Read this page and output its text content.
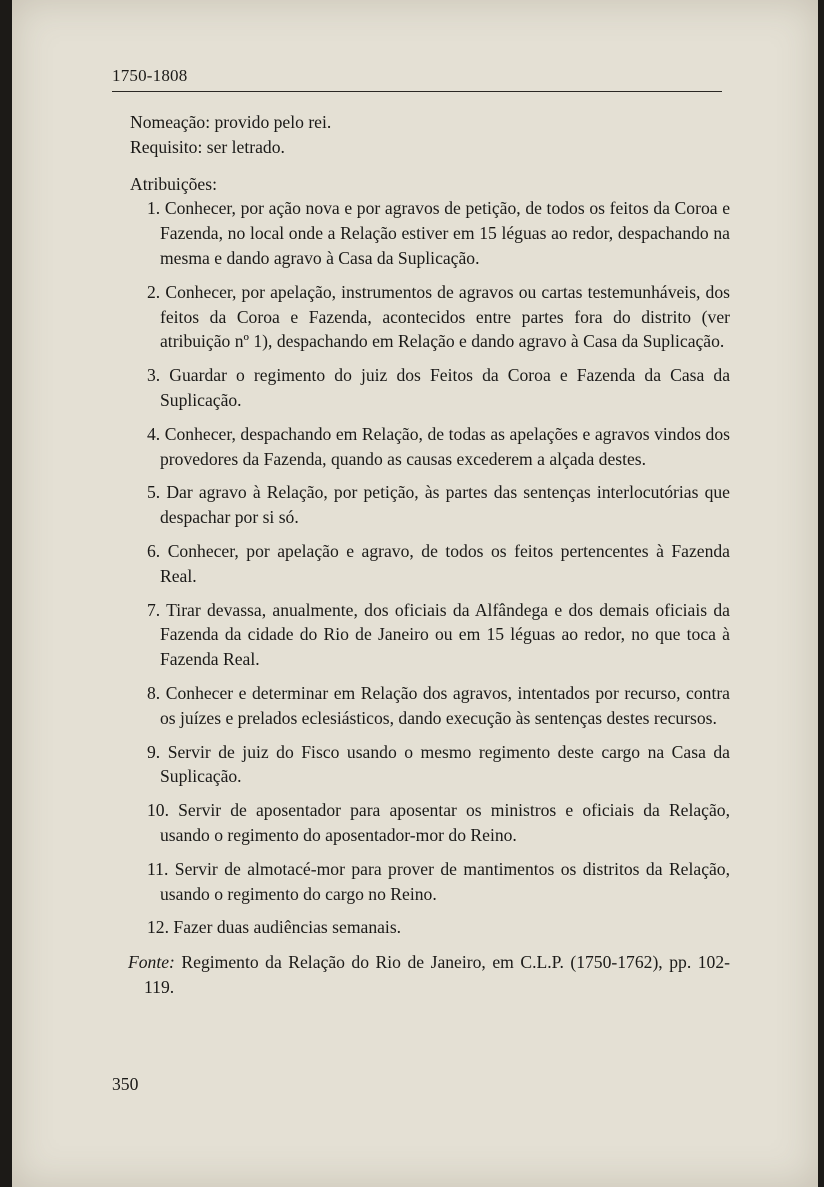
1750-1808

Nomeação: provido pelo rei.

Requisito: ser letrado.

Atribuições:

1. Conhecer, por ação nova e por agravos de petição, de todos os feitos da Coroa e Fazenda, no local onde a Relação estiver em 15 léguas ao redor, despachando na mesma e dando agravo à Casa da Suplicação.

2. Conhecer, por apelação, instrumentos de agravos ou cartas testemunháveis, dos feitos da Coroa e Fazenda, acontecidos entre partes fora do distrito (ver atribuição nº 1), despachando em Relação e dando agravo à Casa da Suplicação.

3. Guardar o regimento do juiz dos Feitos da Coroa e Fazenda da Casa da Suplicação.

4. Conhecer, despachando em Relação, de todas as apelações e agravos vindos dos provedores da Fazenda, quando as causas excederem a alçada destes.

5. Dar agravo à Relação, por petição, às partes das sentenças interlocutórias que despachar por si só.

6. Conhecer, por apelação e agravo, de todos os feitos pertencentes à Fazenda Real.

7. Tirar devassa, anualmente, dos oficiais da Alfândega e dos demais oficiais da Fazenda da cidade do Rio de Janeiro ou em 15 léguas ao redor, no que toca à Fazenda Real.

8. Conhecer e determinar em Relação dos agravos, intentados por recurso, contra os juízes e prelados eclesiásticos, dando execução às sentenças destes recursos.

9. Servir de juiz do Fisco usando o mesmo regimento deste cargo na Casa da Suplicação.

10. Servir de aposentador para aposentar os ministros e oficiais da Relação, usando o regimento do aposentador-mor do Reino.

11. Servir de almotacé-mor para prover de mantimentos os distritos da Relação, usando o regimento do cargo no Reino.

12. Fazer duas audiências semanais.

Fonte: Regimento da Relação do Rio de Janeiro, em C.L.P. (1750-1762), pp. 102-119.

350
